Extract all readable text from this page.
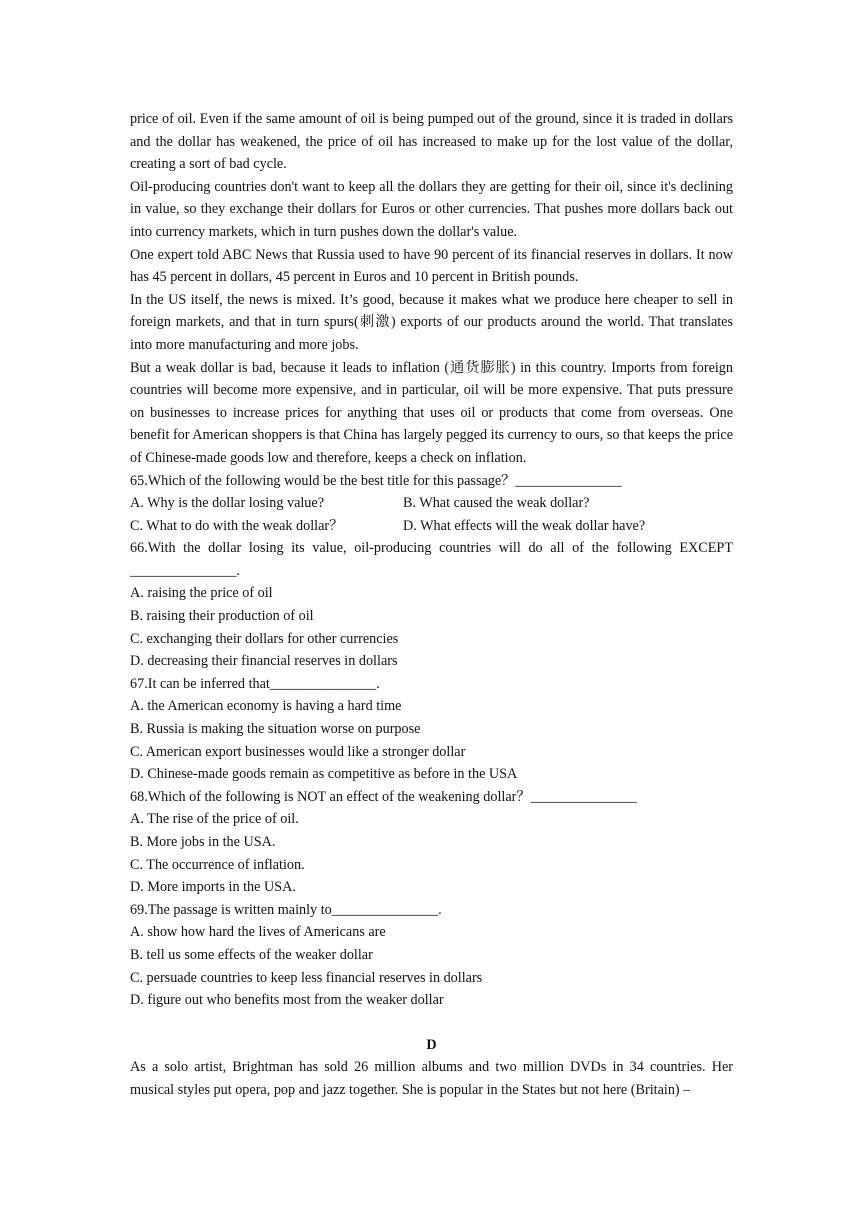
price of oil. Even if the same amount of oil is being pumped out of the ground, since it is traded in dollars and the dollar has weakened, the price of oil has increased to make up for the lost value of the dollar, creating a sort of bad cycle.

Oil-producing countries don't want to keep all the dollars they are getting for their oil, since it's declining in value, so they exchange their dollars for Euros or other currencies. That pushes more dollars back out into currency markets, which in turn pushes down the dollar's value.

One expert told ABC News that Russia used to have 90 percent of its financial reserves in dollars. It now has 45 percent in dollars, 45 percent in Euros and 10 percent in British pounds.

In the US itself, the news is mixed. It’s good, because it makes what we produce here cheaper to sell in foreign markets, and that in turn spurs(刺激) exports of our products around the world. That translates into more manufacturing and more jobs.

But a weak dollar is bad, because it leads to inflation (通货膨胀) in this country. Imports from foreign countries will become more expensive, and in particular, oil will be more expensive. That puts pressure on businesses to increase prices for anything that uses oil or products that come from overseas. One benefit for American shoppers is that China has largely pegged its currency to ours, so that keeps the price of Chinese-made goods low and therefore, keeps a check on inflation.

65.Which of the following would be the best title for this passage？_______________

A. Why is the dollar losing value?	B. What caused the weak dollar?

C. What to do with the weak dollar？	D. What effects will the weak dollar have?

66.With the dollar losing its value, oil-producing countries will do all of the following EXCEPT _______________.

A. raising the price of oil

B. raising their production of oil

C. exchanging their dollars for other currencies

D. decreasing their financial reserves in dollars

67.It can be inferred that_______________.

A. the American economy is having a hard time

B. Russia is making the situation worse on purpose

C. American export businesses would like a stronger dollar

D. Chinese-made goods remain as competitive as before in the USA

68.Which of the following is NOT an effect of the weakening dollar？_______________

A. The rise of the price of oil.

B. More jobs in the USA.

C. The occurrence of inflation.

D. More imports in the USA.

69.The passage is written mainly to_______________.

A. show how hard the lives of Americans are

B. tell us some effects of the weaker dollar

C. persuade countries to keep less financial reserves in dollars

D. figure out who benefits most from the weaker dollar

D

As a solo artist, Brightman has sold 26 million albums and two million DVDs in 34 countries. Her musical styles put opera, pop and jazz together. She is popular in the States but not here (Britain) –
